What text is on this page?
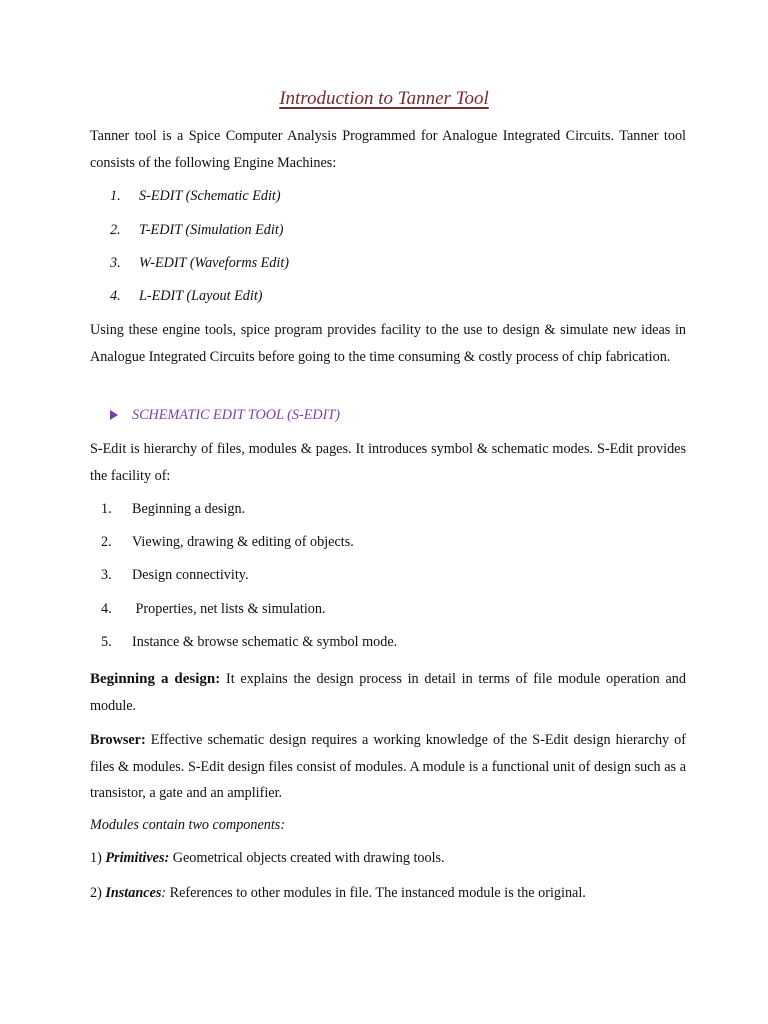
Introduction to Tanner Tool
Tanner tool is a Spice Computer Analysis Programmed for Analogue Integrated Circuits. Tanner tool consists of the following Engine Machines:
1.	S-EDIT (Schematic Edit)
2.	T-EDIT (Simulation Edit)
3.	W-EDIT (Waveforms Edit)
4.	L-EDIT (Layout Edit)
Using these engine tools, spice program provides facility to the use to design & simulate new ideas in Analogue Integrated Circuits before going to the time consuming & costly process of chip fabrication.
SCHEMATIC EDIT TOOL (S-EDIT)
S-Edit is hierarchy of files, modules & pages. It introduces symbol & schematic modes. S-Edit provides the facility of:
1.	Beginning a design.
2.	Viewing, drawing & editing of objects.
3.	Design connectivity.
4.	Properties, net lists & simulation.
5.	Instance & browse schematic & symbol mode.
Beginning a design: It explains the design process in detail in terms of file module operation and module.
Browser: Effective schematic design requires a working knowledge of the S-Edit design hierarchy of files & modules. S-Edit design files consist of modules. A module is a functional unit of design such as a transistor, a gate and an amplifier.
Modules contain two components:
1) Primitives: Geometrical objects created with drawing tools.
2) Instances: References to other modules in file. The instanced module is the original.
